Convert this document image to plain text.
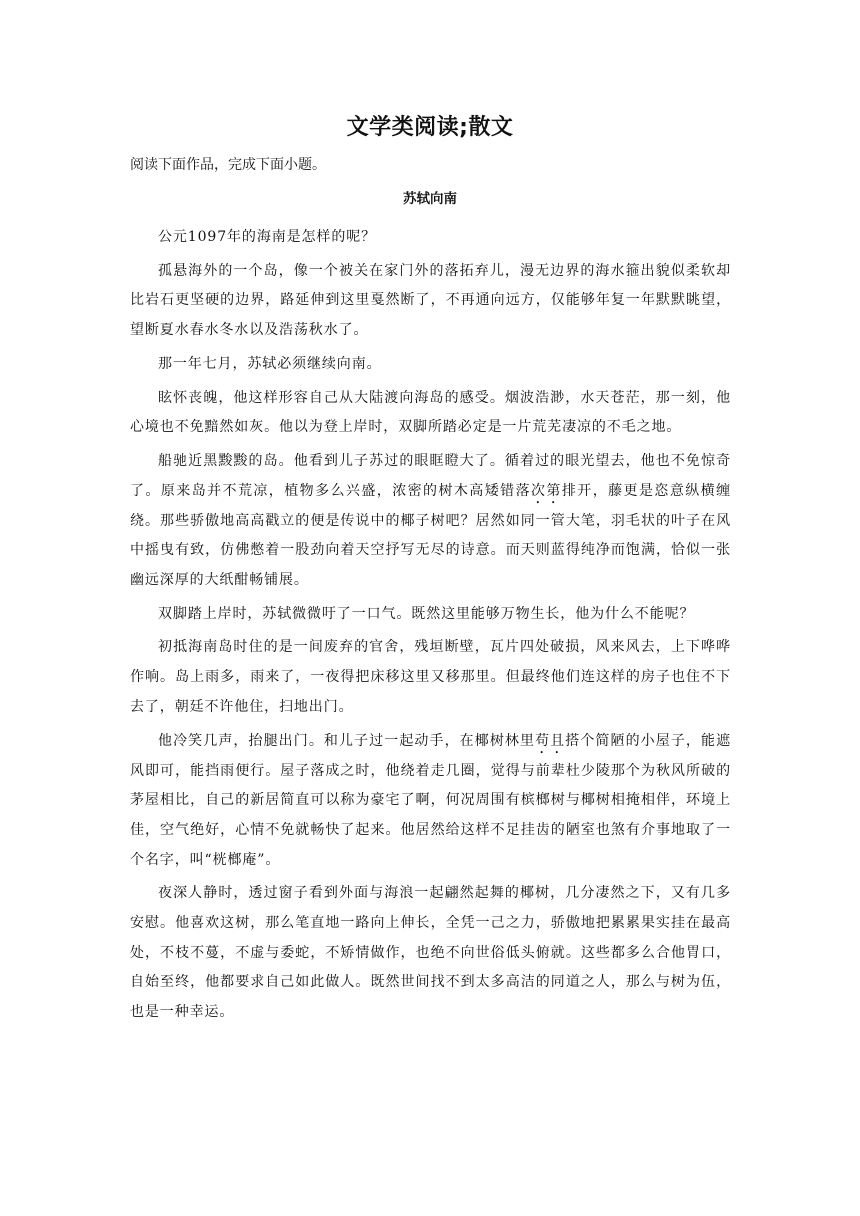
文学类阅读;散文
阅读下面作品，完成下面小题。
苏轼向南

公元1097年的海南是怎样的呢？

孤悬海外的一个岛，像一个被关在家门外的落拓弃儿，漫无边界的海水箍出貌似柔软却比岩石更坚硬的边界，路延伸到这里戛然断了，不再通向远方，仅能够年复一年默默眺望，望断夏水春水冬水以及浩荡秋水了。

那一年七月，苏轼必须继续向南。

眩怀丧魄，他这样形容自己从大陆渡向海岛的感受。烟波浩渺，水天苍茫，那一刻，他心境也不免黯然如灰。他以为登上岸时，双脚所踏必定是一片荒芜凄凉的不毛之地。

船驰近黑黢黢的岛。他看到儿子苏过的眼眶瞪大了。循着过的眼光望去，他也不免惊奇了。原来岛并不荒凉，植物多么兴盛，浓密的树木高矮错落次第排开，藤更是恣意纵横缠绕。那些骄傲地高高戳立的便是传说中的椰子树吧？居然如同一管大笔，羽毛状的叶子在风中摇曳有致，仿佛憋着一股劲向着天空抒写无尽的诗意。而天则蓝得纯净而饱满，恰似一张幽远深厚的大纸酣畅铺展。

双脚踏上岸时，苏轼微微吁了一口气。既然这里能够万物生长，他为什么不能呢？

初抵海南岛时住的是一间废弃的官舍，残垣断壁，瓦片四处破损，风来风去，上下哗哗作响。岛上雨多，雨来了，一夜得把床移这里又移那里。但最终他们连这样的房子也住不下去了，朝廷不许他住，扫地出门。

他冷笑几声，抬腿出门。和儿子过一起动手，在椰树林里苟且搭个简陋的小屋子，能遮风即可，能挡雨便行。屋子落成之时，他绕着走几圈，觉得与前辈杜少陵那个为秋风所破的茅屋相比，自己的新居简直可以称为豪宅了啊，何况周围有槟榔树与椰树相掩相伴，环境上佳，空气绝好，心情不免就畅快了起来。他居然给这样不足挂齿的陋室也煞有介事地取了一个名字，叫“桄榔庵”。

夜深人静时，透过窗子看到外面与海浪一起翩然起舞的椰树，几分凄然之下，又有几多安慰。他喜欢这树，那么笔直地一路向上伸长，全凭一己之力，骄傲地把累累果实挂在最高处，不枝不蔓，不虚与委蛇，不矫情做作，也绝不向世俗低头俯就。这些都多么合他胃口，自始至终，他都要求自己如此做人。既然世间找不到太多高洁的同道之人，那么与树为伍，也是一种幸运。
